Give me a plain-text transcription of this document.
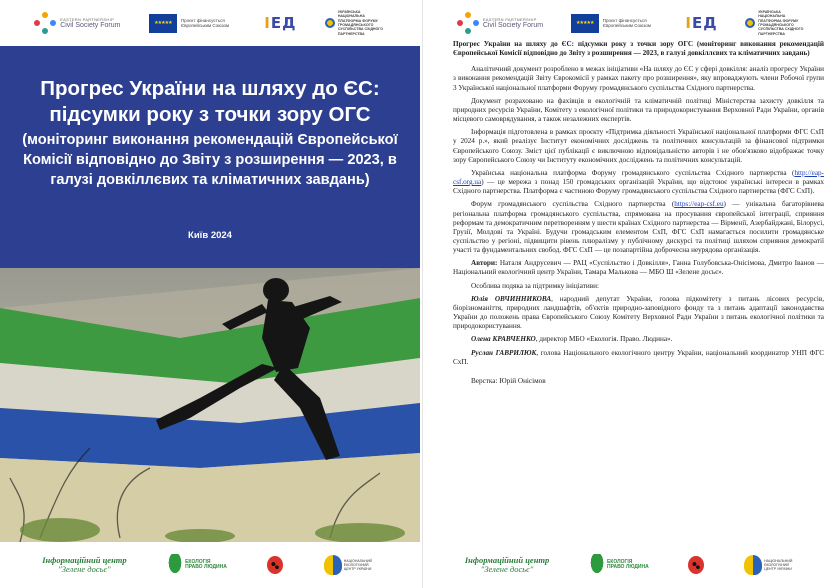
EASTERN PARTNERSHIP
Civil Society Forum	★★★★★	Проєкт фінансується Європейським Союзом	ІЕД
УКРАЇНСЬКА НАЦІОНАЛЬНА ПЛАТФОРМА ФОРУМУ ГРОМАДЯНСЬКОГО СУСПІЛЬСТВА СХІДНОГО ПАРТНЕРСТВА
Прогрес України на шляху до ЄС: підсумки року з точки зору ОГС
(моніторинг виконання рекомендацій Європейської Комісії відповідно до Звіту з розширення — 2023, в галузі довкіллєвих та кліматичних завдань)
Київ 2024
Інформаційний центр
"Зелене досьє"
ЕКОЛОГІЯ
ПРАВО ЛЮДИНА
НАЦІОНАЛЬНИЙ ЕКОЛОГІЧНИЙ ЦЕНТР УКРАЇНИ
EASTERN PARTNERSHIP
Civil Society Forum	★★★★★	Проєкт фінансується Європейським Союзом	ІЕД
УКРАЇНСЬКА НАЦІОНАЛЬНА ПЛАТФОРМА ФОРУМУ ГРОМАДЯНСЬКОГО СУСПІЛЬСТВА СХІДНОГО ПАРТНЕРСТВА
Прогрес України на шляху до ЄС: підсумки року з точки зору ОГС (моніторинг виконання рекомендацій Європейської Комісії відповідно до Звіту з розширення — 2023, в галузі довкіллєвих та кліматичних завдань)
Аналітичний документ розроблено в межах ініціативи «На шляху до ЄС у сфері довкілля: аналіз прогресу України з виконання рекомендацій Звіту Єврокомісії у рамках пакету про розширення», яку впроваджують члени Робочої групи 3 Української національної платформи Форуму громадянського суспільства Східного партнерства.
Документ розраховано на фахівців в екологічній та кліматичній політиці Міністерства захисту довкілля та природних ресурсів України, Комітету з екологічної політики та природокористування Верховної Ради України, органів місцевого самоврядування, а також незалежних експертів.
Інформація підготовлена в рамках проєкту «Підтримка діяльності Української національної платформи ФГС СхП у 2024 р.», який реалізує Інститут економічних досліджень та політичних консультацій за фінансової підтримки Європейського Союзу. Зміст цієї публікації є виключною відповідальністю авторів і не обов'язково відображає точку зору Європейського Союзу чи Інституту економічних досліджень та політичних консультацій.
Українська національна платформа Форуму громадянського суспільства Східного партнерства (http://eap-csf.org.ua) — це мережа з понад 150 громадських організацій України, що відстоює українські інтереси в рамках Східного партнерства. Платформа є частиною Форуму громадянського суспільства Східного партнерства (ФГС СхП).
Форум громадянського суспільства Східного партнерства (https://eap-csf.eu) — унікальна багаторівнева регіональна платформа громадянського суспільства, спрямована на просування європейської інтеграції, сприяння реформам та демократичним перетворенням у шести країнах Східного партнерства — Вірменії, Азербайджані, Білорусі, Грузії, Молдові та Україні. Будучи громадським елементом СхП, ФГС СхП намагається посилити громадянське суспільство у регіоні, підвищити рівень плюралізму у публічному дискурсі та політиці шляхом сприяння демократії участі та фундаментальних свобод. ФГС СхП — це позапартійна доброчесна неурядова організація.
Автори: Наталя Андрусевич — РАЦ «Суспільство і Довкілля», Ганна Голубовська-Онісімова, Дмитро Іванов — Національний екологічний центр України, Тамара Малькова — МБО Ш «Зелене досьє».
Особлива подяка за підтримку ініціативи:
Юлія ОВЧИННИКОВА, народний депутат України, голова підкомітету з питань лісових ресурсів, біорізноманіття, природних ландшафтів, об'єктів природно-заповідного фонду та з питань адаптації законодавства України до положень права Європейського Союзу Комітету Верховної Ради України з питань екологічної політики та природокористування.
Олена КРАВЧЕНКО, директор МБО «Екологія. Право. Людина».
Руслан ГАВРИЛЮК, голова Національного екологічного центру України, національний координатор УНП ФГС СхП.
Верстка: Юрій Онісімов
Інформаційний центр
"Зелене досьє"
ЕКОЛОГІЯ
ПРАВО ЛЮДИНА
НАЦІОНАЛЬНИЙ ЕКОЛОГІЧНИЙ ЦЕНТР УКРАЇНИ
